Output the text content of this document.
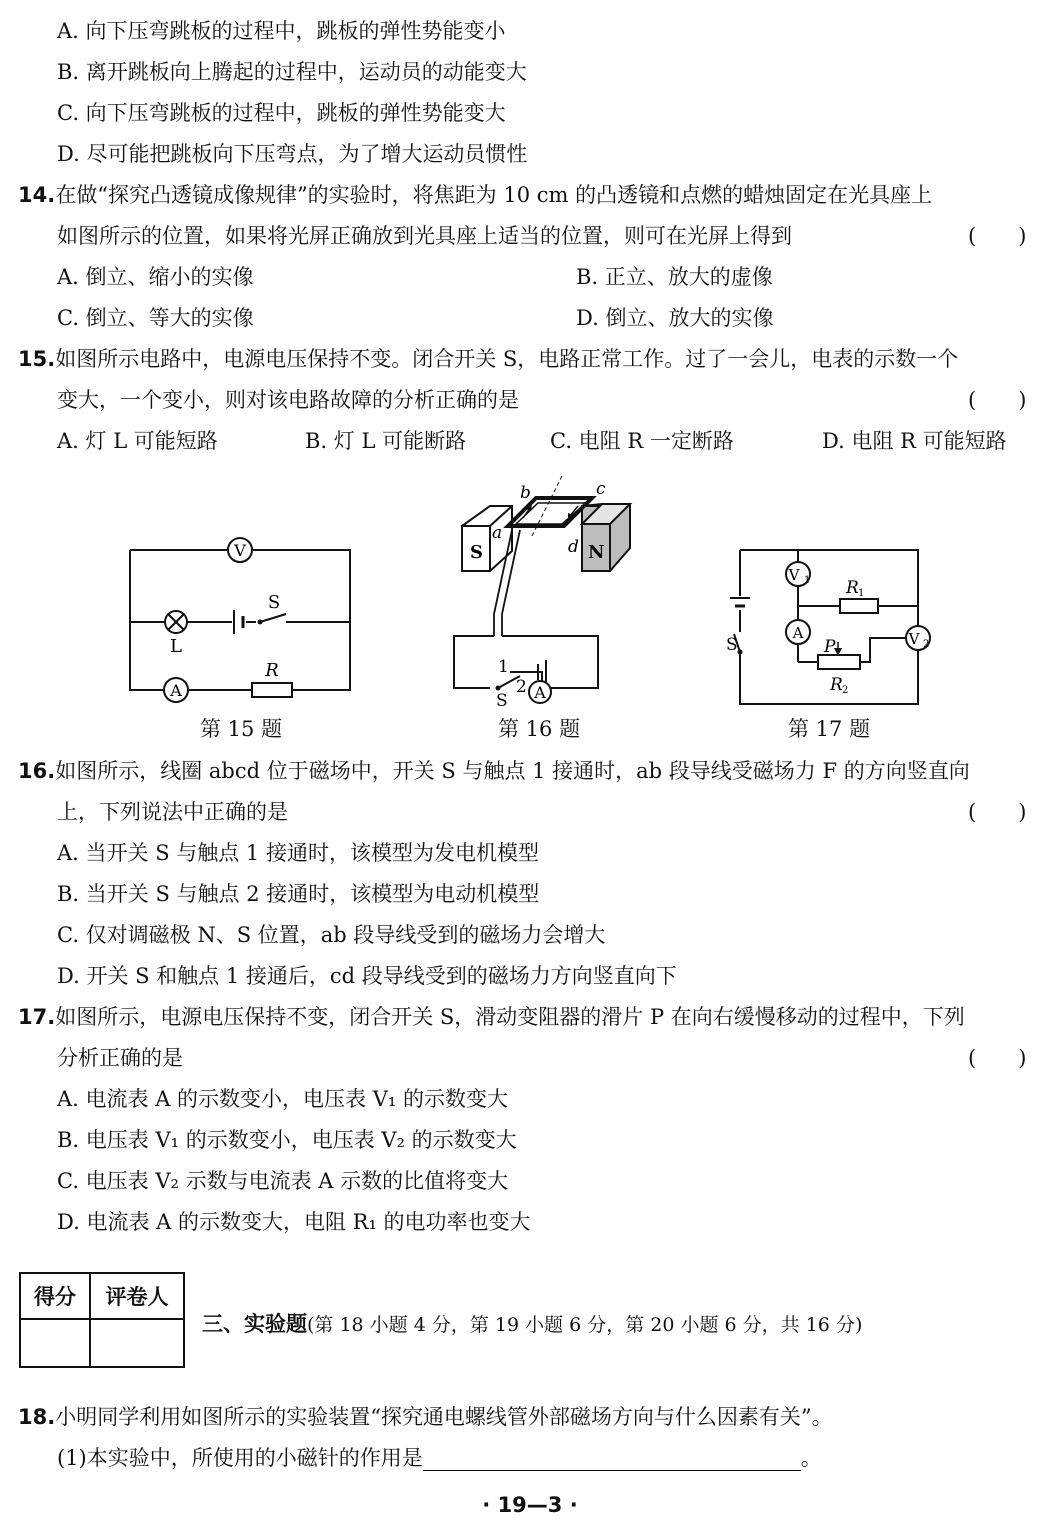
A. 向下压弯跳板的过程中，跳板的弹性势能变小
B. 离开跳板向上腾起的过程中，运动员的动能变大
C. 向下压弯跳板的过程中，跳板的弹性势能变大
D. 尽可能把跳板向下压弯点，为了增大运动员惯性
14.在做“探究凸透镜成像规律”的实验时，将焦距为 10 cm 的凸透镜和点燃的蜡烛固定在光具座上
如图所示的位置，如果将光屏正确放到光具座上适当的位置，则可在光屏上得到	(　　)
A. 倒立、缩小的实像	B. 正立、放大的虚像
C. 倒立、等大的实像	D. 倒立、放大的实像
15.如图所示电路中，电源电压保持不变。闭合开关 S，电路正常工作。过了一会儿，电表的示数一个
变大，一个变小，则对该电路故障的分析正确的是	(　　)
A. 灯 L 可能短路	B. 灯 L 可能断路	C. 电阻 R 一定断路	D. 电阻 R 可能短路
V
L
S
A
R
第 15 题
S	N
b	c
a
d
A
1
2
S
第 16 题
S
V 1 R 1
A
P
R 2
V 2
第 17 题
16.如图所示，线圈 abcd 位于磁场中，开关 S 与触点 1 接通时，ab 段导线受磁场力 F 的方向竖直向
上，下列说法中正确的是	(　　)
A. 当开关 S 与触点 1 接通时，该模型为发电机模型
B. 当开关 S 与触点 2 接通时，该模型为电动机模型
C. 仅对调磁极 N、S 位置，ab 段导线受到的磁场力会增大
D. 开关 S 和触点 1 接通后，cd 段导线受到的磁场力方向竖直向下
17.如图所示，电源电压保持不变，闭合开关 S，滑动变阻器的滑片 P 在向右缓慢移动的过程中，下列
分析正确的是	(　　)
A. 电流表 A 的示数变小，电压表 V₁ 的示数变大
B. 电压表 V₁ 的示数变小，电压表 V₂ 的示数变大
C. 电压表 V₂ 示数与电流表 A 示数的比值将变大
D. 电流表 A 的示数变大，电阻 R₁ 的电功率也变大
得分	评卷人

三、实验题(第 18 小题 4 分，第 19 小题 6 分，第 20 小题 6 分，共 16 分)
18.小明同学利用如图所示的实验装置“探究通电螺线管外部磁场方向与什么因素有关”。
(1)本实验中，所使用的小磁针的作用是	。
· 19—3 ·
